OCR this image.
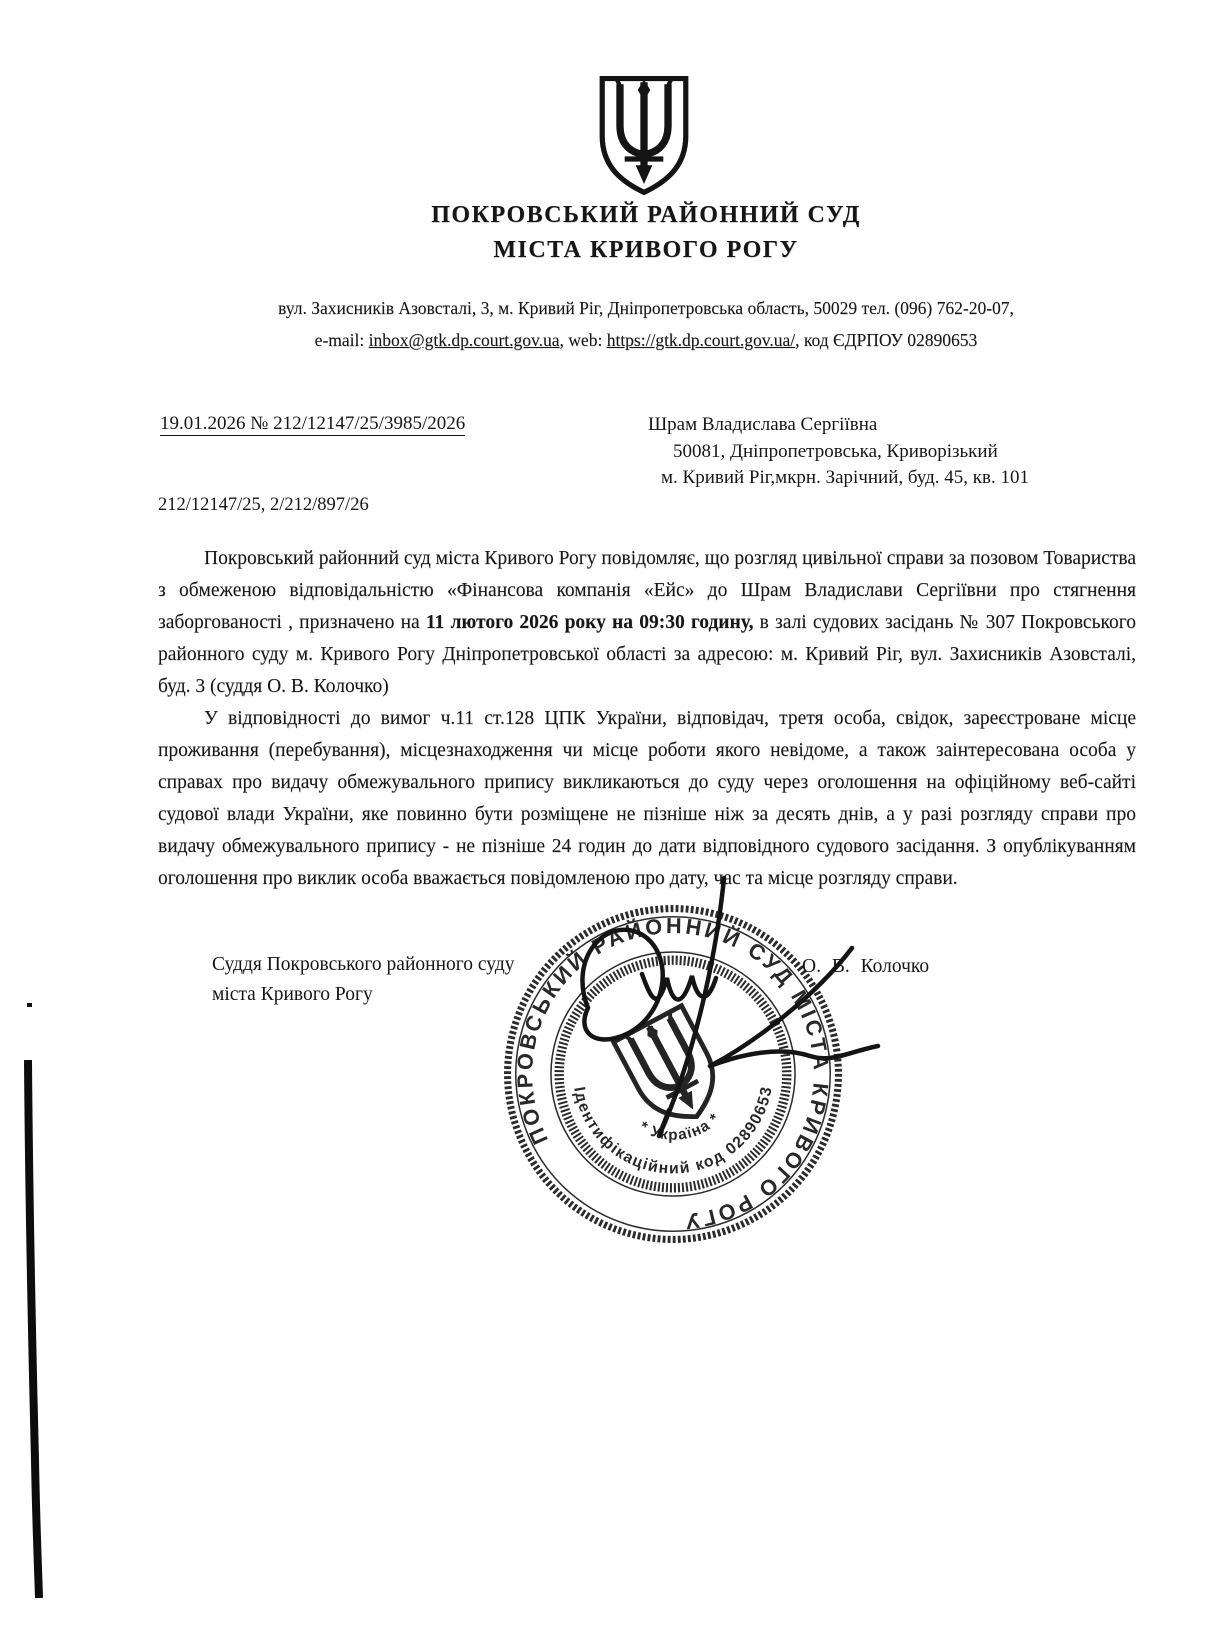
ПОКРОВСЬКИЙ РАЙОННИЙ СУД
МІСТА КРИВОГО РОГУ
вул. Захисників Азовсталі, 3, м. Кривий Ріг, Дніпропетровська область, 50029 тел. (096) 762-20-07,
e-mail: inbox@gtk.dp.court.gov.ua, web: https://gtk.dp.court.gov.ua/, код ЄДРПОУ 02890653
19.01.2026 № 212/12147/25/3985/2026	Шрам Владислава Сергіївна
50081, Дніпропетровська, Криворізький
м. Кривий Ріг,мкрн. Зарічний, буд. 45, кв. 101
212/12147/25, 2/212/897/26

Покровський районний суд міста Кривого Рогу повідомляє, що розгляд цивільної справи за позовом Товариства з обмеженою відповідальністю «Фінансова компанія «Ейс» до Шрам Владислави Сергіївни про стягнення заборгованості , призначено на 11 лютого 2026 року на 09:30 годину, в залі судових засідань № 307 Покровського районного суду м. Кривого Рогу Дніпропетровської області за адресою: м. Кривий Ріг, вул. Захисників Азовсталі, буд. 3 (суддя О. В. Колочко)

У відповідності до вимог ч.11 ст.128 ЦПК України, відповідач, третя особа, свідок, зареєстроване місце проживання (перебування), місцезнаходження чи місце роботи якого невідоме, а також заінтересована особа у справах про видачу обмежувального припису викликаються до суду через оголошення на офіційному веб-сайті судової влади України, яке повинно бути розміщене не пізніше ніж за десять днів, а у разі розгляду справи про видачу обмежувального припису - не пізніше 24 годин до дати відповідного судового засідання. З опублікуванням оголошення про виклик особа вважається повідомленою про дату, час та місце розгляду справи.

Суддя Покровського районного суду
міста Кривого Рогу
О. В. Колочко
ПОКРОВСЬКИЙ РАЙОННИЙ СУД МІСТА КРИВОГО РОГУ
Ідентифікаційний код 02890653
* Україна *
